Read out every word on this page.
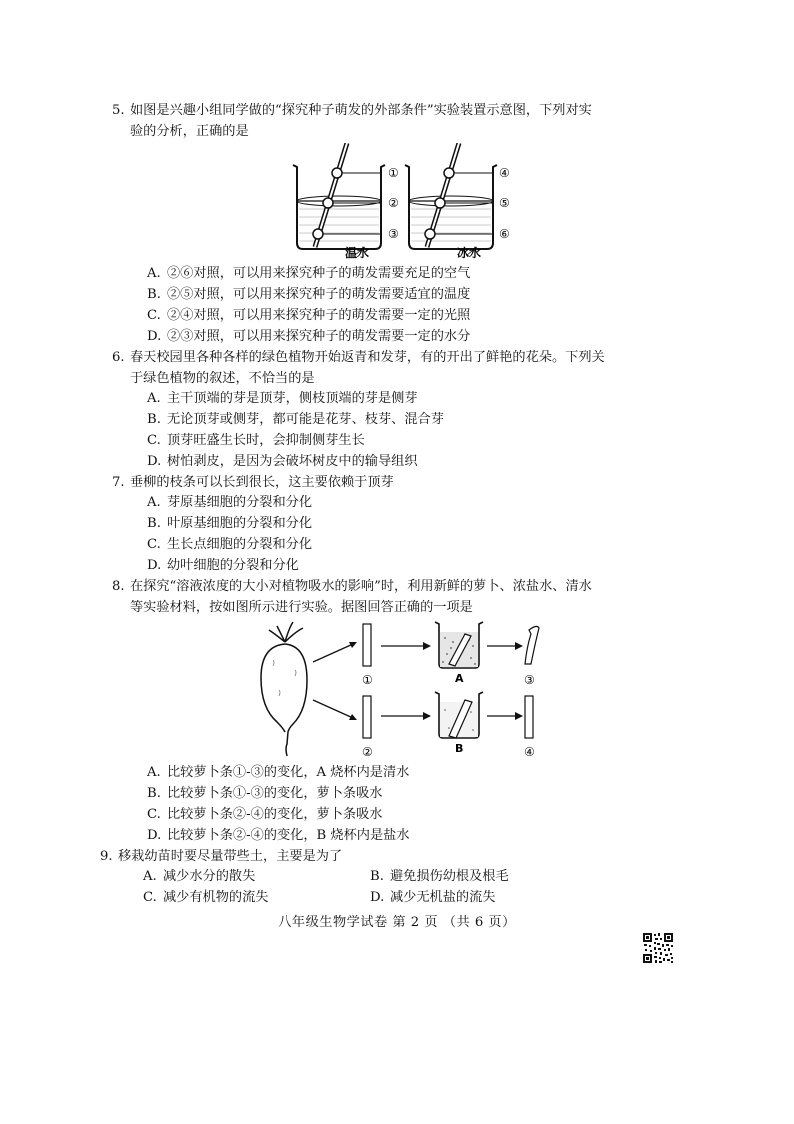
5. 如图是兴趣小组同学做的“探究种子萌发的外部条件”实验装置示意图，下列对实

验的分析，正确的是

①
②
③
④
⑤
⑥
温水	冰水

A. ②⑥对照，可以用来探究种子的萌发需要充足的空气

B. ②⑤对照，可以用来探究种子的萌发需要适宜的温度

C. ②④对照，可以用来探究种子的萌发需要一定的光照

D. ②③对照，可以用来探究种子的萌发需要一定的水分

6. 春天校园里各种各样的绿色植物开始返青和发芽，有的开出了鲜艳的花朵。下列关

于绿色植物的叙述，不恰当的是

A. 主干顶端的芽是顶芽，侧枝顶端的芽是侧芽

B. 无论顶芽或侧芽，都可能是花芽、枝芽、混合芽

C. 顶芽旺盛生长时，会抑制侧芽生长

D. 树怕剥皮，是因为会破坏树皮中的输导组织

7. 垂柳的枝条可以长到很长，这主要依赖于顶芽

A. 芽原基细胞的分裂和分化

B. 叶原基细胞的分裂和分化

C. 生长点细胞的分裂和分化

D. 幼叶细胞的分裂和分化

8. 在探究“溶液浓度的大小对植物吸水的影响”时，利用新鲜的萝卜、浓盐水、清水

等实验材料，按如图所示进行实验。据图回答正确的一项是

①
②
③
④
A
B

A. 比较萝卜条①-③的变化，A 烧杯内是清水

B. 比较萝卜条①-③的变化，萝卜条吸水

C. 比较萝卜条②-④的变化，萝卜条吸水

D. 比较萝卜条②-④的变化，B 烧杯内是盐水

9. 移栽幼苗时要尽量带些土，主要是为了

A. 减少水分的散失	B. 避免损伤幼根及根毛

C. 减少有机物的流失	D. 减少无机盐的流失

八年级生物学试卷 第 2 页 （共 6 页）
